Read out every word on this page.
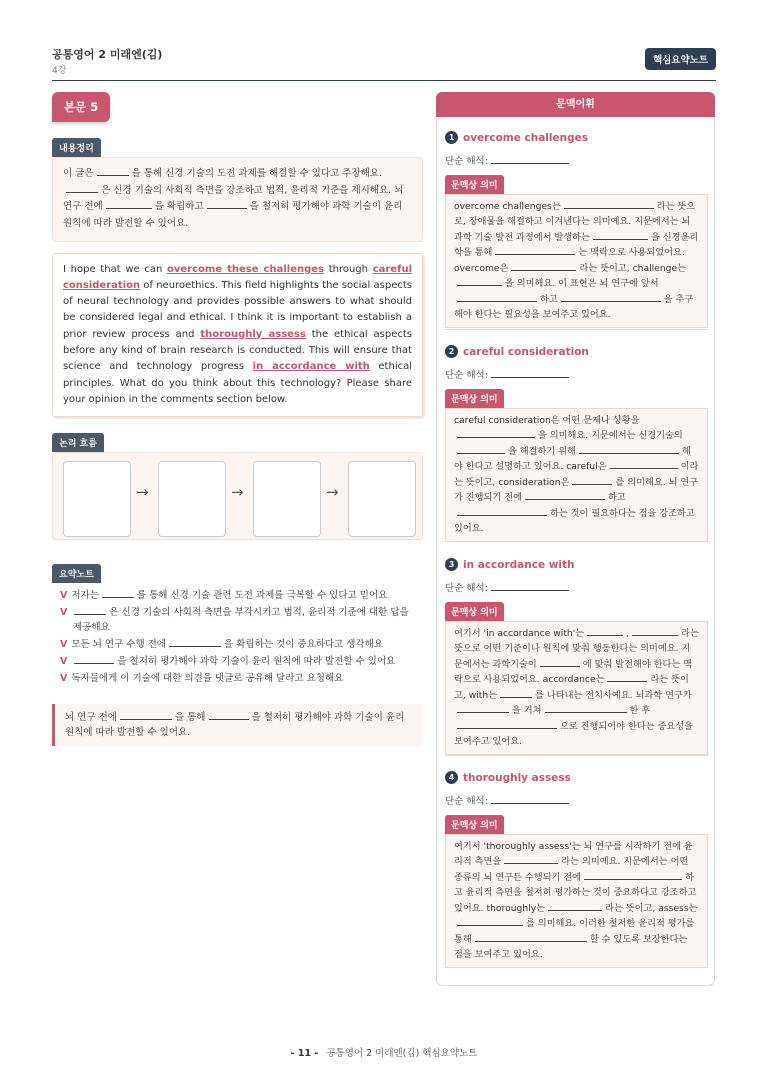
공통영어 2 미래엔(김)
4강
핵심요약노트
본문 5
내용정리
이 글은	을 통해 신경 기술의 도전 과제를 해결할 수 있다고 주장해요.
은 신경 기술의 사회적 측면을 강조하고 법적, 윤리적 기준을 제시해요. 뇌 연구 전에	을 확립하고	을 철저히 평가해야 과학 기술이 윤리 원칙에 따라 발전할 수 있어요.
I hope that we can overcome these challenges through careful consideration of neuroethics. This field highlights the social aspects of neural technology and provides possible answers to what should be considered legal and ethical. I think it is important to establish a prior review process and thoroughly assess the ethical aspects before any kind of brain research is conducted. This will ensure that science and technology progress in accordance with ethical principles. What do you think about this technology? Please share your opinion in the comments section below.
논리 흐름
→	→	→
요약노트
V 저자는	를 통해 신경 기술 관련 도전 과제를 극복할 수 있다고 믿어요
V	은 신경 기술의 사회적 측면을 부각시키고 법적, 윤리적 기준에 대한 답을 제공해요
V 모든 뇌 연구 수행 전에	을 확립하는 것이 중요하다고 생각해요
V	을 철저히 평가해야 과학 기술이 윤리 원칙에 따라 발전할 수 있어요
V 독자들에게 이 기술에 대한 의견을 댓글로 공유해 달라고 요청해요
뇌 연구 전에	을 통해	을 철저히 평가해야 과학 기술이 윤리 원칙에 따라 발전할 수 있어요.
문맥어휘
1 overcome challenges
단순 해석:
문맥상 의미
overcome challenges는	라는 뜻으로, 장애물을 해결하고 이겨낸다는 의미예요. 지문에서는 뇌 과학 기술 발전 과정에서 발생하는	을 신경윤리학을 통해	는 맥락으로 사용되었어요. overcome은	라는 뜻이고, challenge는을 의미해요. 이 표현은 뇌 연구에 앞서하고	을 추구해야 한다는 필요성을 보여주고 있어요.
2 careful consideration
단순 해석:
문맥상 의미
careful consideration은 어떤 문제나 상황을을 의미해요. 지문에서는 신경기술의을 해결하기 위해	해야 한다고 설명하고 있어요. careful은	이라는 뜻이고, consideration은	를 의미해요. 뇌 연구가 진행되기 전에	하고하는 것이 필요하다는 점을 강조하고 있어요.
3 in accordance with
단순 해석:
문맥상 의미
여기서 'in accordance with'는	,	라는 뜻으로 어떤 기준이나 원칙에 맞춰 행동한다는 의미예요. 지문에서는 과학기술이	에 맞춰 발전해야 한다는 맥락으로 사용되었어요. accordance는	라는 뜻이고, with는	를 나타내는 전치사예요. 뇌과학 연구가을 거쳐	한 후으로 진행되어야 한다는 중요성을 보여주고 있어요.
4 thoroughly assess
단순 해석:
문맥상 의미
여기서 'thoroughly assess'는 뇌 연구를 시작하기 전에 윤리적 측면을	라는 의미예요. 지문에서는 어떤 종류의 뇌 연구든 수행되기 전에	하고 윤리적 측면을 철저히 평가하는 것이 중요하다고 강조하고 있어요. thoroughly는	라는 뜻이고, assess는를 의미해요. 이러한 철저한 윤리적 평가를 통해	할 수 있도록 보장한다는 점을 보여주고 있어요.
- 11 - 공통영어 2 미래엔(김) 핵심요약노트
